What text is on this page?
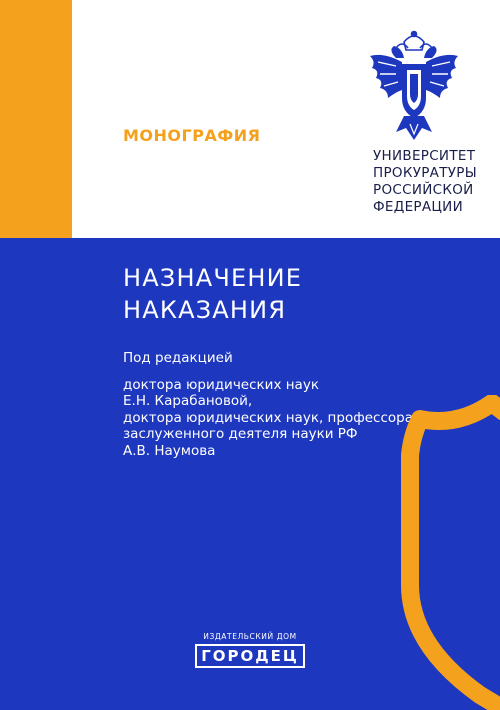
МОНОГРАФИЯ
УНИВЕРСИТЕТ
ПРОКУРАТУРЫ
РОССИЙСКОЙ
ФЕДЕРАЦИИ
НАЗНАЧЕНИЕ
НАКАЗАНИЯ
Под редакцией
доктора юридических наук
Е.Н. Карабановой,
доктора юридических наук, профессора,
заслуженного деятеля науки РФ
А.В. Наумова
ИЗДАТЕЛЬСКИЙ ДОМ
ГОРОДЕЦ
